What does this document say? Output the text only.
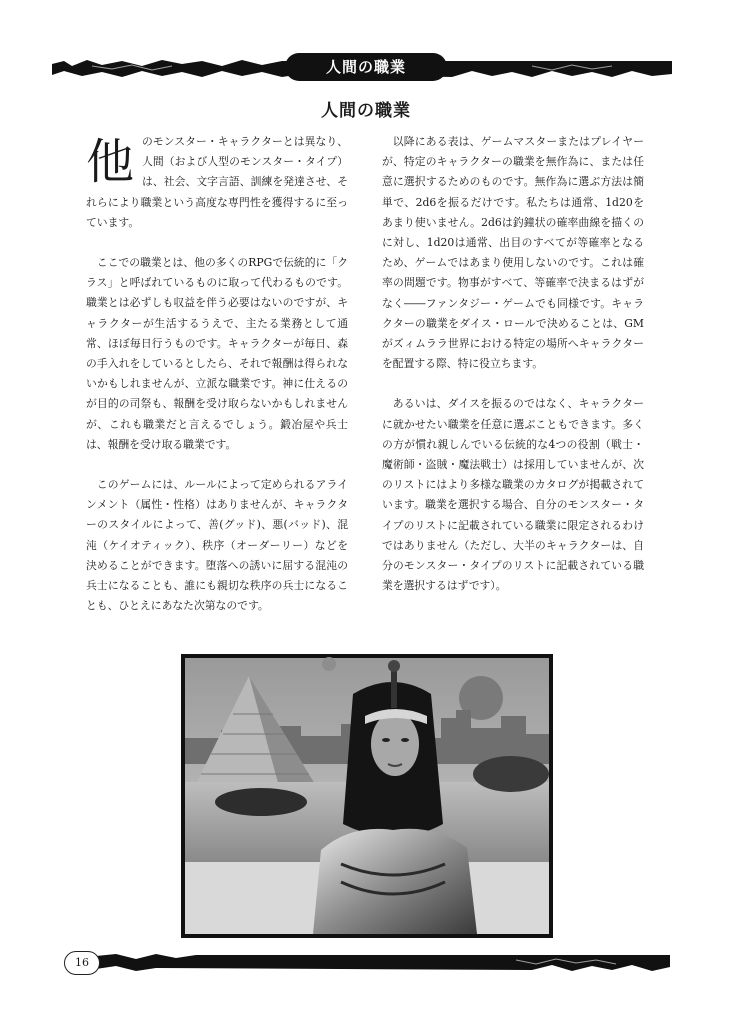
人間の職業
人間の職業

他のモンスター・キャラクターとは異なり、人間（および人型のモンスター・タイプ）は、社会、文字言語、訓練を発達させ、それらにより職業という高度な専門性を獲得するに至っています。

ここでの職業とは、他の多くのRPGで伝統的に「クラス」と呼ばれているものに取って代わるものです。職業とは必ずしも収益を伴う必要はないのですが、キャラクターが生活するうえで、主たる業務として通常、ほぼ毎日行うものです。キャラクターが毎日、森の手入れをしているとしたら、それで報酬は得られないかもしれませんが、立派な職業です。神に仕えるのが目的の司祭も、報酬を受け取らないかもしれませんが、これも職業だと言えるでしょう。鍛冶屋や兵士は、報酬を受け取る職業です。

このゲームには、ルールによって定められるアラインメント（属性・性格）はありませんが、キャラクターのスタイルによって、善(グッド)、悪(バッド)、混沌（ケイオティック）、秩序（オーダーリー）などを決めることができます。堕落への誘いに屈する混沌の兵士になることも、誰にも親切な秩序の兵士になることも、ひとえにあなた次第なのです。

以降にある表は、ゲームマスターまたはプレイヤーが、特定のキャラクターの職業を無作為に、または任意に選択するためのものです。無作為に選ぶ方法は簡単で、2d6を振るだけです。私たちは通常、1d20をあまり使いません。2d6は釣鐘状の確率曲線を描くのに対し、1d20は通常、出目のすべてが等確率となるため、ゲームではあまり使用しないのです。これは確率の問題です。物事がすべて、等確率で決まるはずがなく――ファンタジー・ゲームでも同様です。キャラクターの職業をダイス・ロールで決めることは、GMがズィムララ世界における特定の場所へキャラクターを配置する際、特に役立ちます。

あるいは、ダイスを振るのではなく、キャラクターに就かせたい職業を任意に選ぶこともできます。多くの方が慣れ親しんでいる伝統的な4つの役割（戦士・魔術師・盗賊・魔法戦士）は採用していませんが、次のリストにはより多様な職業のカタログが掲載されています。職業を選択する場合、自分のモンスター・タイプのリストに記載されている職業に限定されるわけではありません（ただし、大半のキャラクターは、自分のモンスター・タイプのリストに記載されている職業を選択するはずです）。

16
